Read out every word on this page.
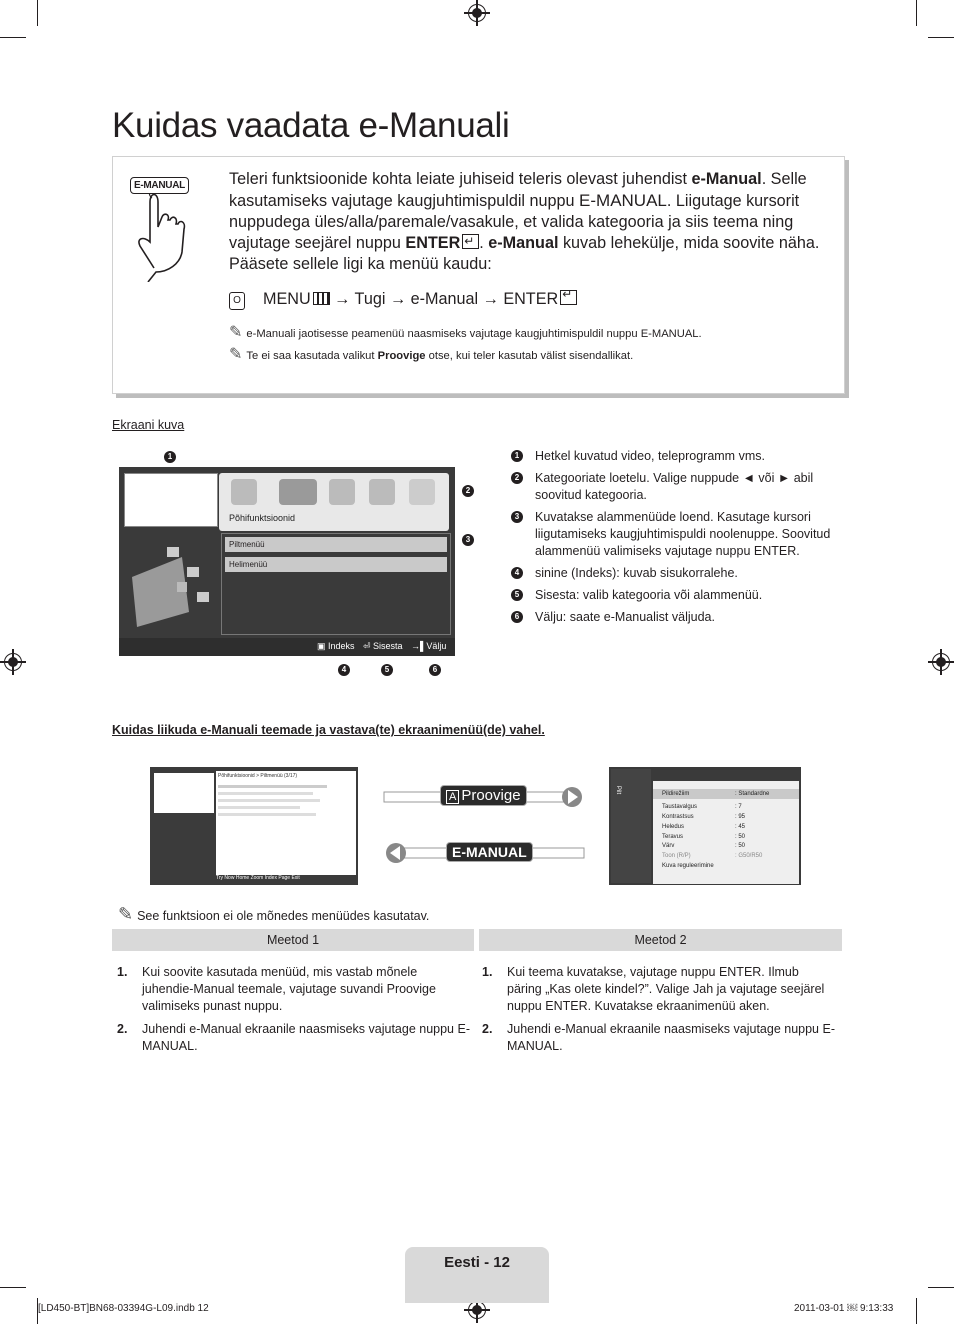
Kuidas vaadata e-Manuali
E-MANUAL	Teleri funktsioonide kohta leiate juhiseid teleris olevast juhendist e-Manual. Selle kasutamiseks vajutage kaugjuhtimispuldil nuppu E-MANUAL. Liigutage kursorit nuppudega üles/alla/paremale/vasakule, et valida kategooria ja siis teema ning vajutage seejärel nuppu ENTER↵ . e-Manual kuvab lehekülje, mida soovite näha. Pääsete sellele ligi ka menüü kaudu:
O MENU → Tugi → e-Manual → ENTER↵
✎ e-Manuali jaotisesse peamenüü naasmiseks vajutage kaugjuhtimispuldil nuppu E-MANUAL.
✎ Te ei saa kasutada valikut Proovige otse, kui teler kasutab välist sisendallikat.
Ekraani kuva
Põhifunktsioonid
Piltmenüü
Helimenüü
▣ Indeks ⏎ Sisesta →▌Välju
1
2
3
4	5	6
1	Hetkel kuvatud video, teleprogramm vms.
2	Kategooriate loetelu. Valige nuppude ◄ või ► abil soovitud kategooria.
3	Kuvatakse alammenüüde loend. Kasutage kursori liigutamiseks kaugjuhtimispuldi noolenuppe. Soovitud alammenüü valimiseks vajutage nuppu ENTER.
4	sinine (Indeks): kuvab sisukorralehe.
5	Sisesta: valib kategooria või alammenüü.
6	Välju: saate e-Manualist väljuda.
Kuidas liikuda e-Manuali teemade ja vastava(te) ekraanimenüü(de) vahel.
Põhifunktsioonid > Piltmenüü (3/17)
Try Now Home Zoom Index Page Exit
A Proovige
E-MANUAL
Pilt	Pildirežiim	: Standardne
Taustavalgus	: 7
Kontrastsus	: 95
Heledus	: 45
Teravus	: 50
Värv	: 50
Toon (R/P)	: G50/R50
Kuva reguleerimine
✎ See funktsioon ei ole mõnedes menüüdes kasutatav.
Meetod 1	Meetod 2
1. Kui soovite kasutada menüüd, mis vastab mõnele juhendie-Manual teemale, vajutage suvandi Proovige valimiseks punast nuppu.
2. Juhendi e-Manual ekraanile naasmiseks vajutage nuppu E-MANUAL.
1. Kui teema kuvatakse, vajutage nuppu ENTER. Ilmub päring „Kas olete kindel?”. Valige Jah ja vajutage seejärel nuppu ENTER. Kuvatakse ekraanimenüü aken.
2. Juhendi e-Manual ekraanile naasmiseks vajutage nuppu E-MANUAL.
Eesti - 12
[LD450-BT]BN68-03394G-L09.indb 12	2011-03-01 ￼ 9:13:33
